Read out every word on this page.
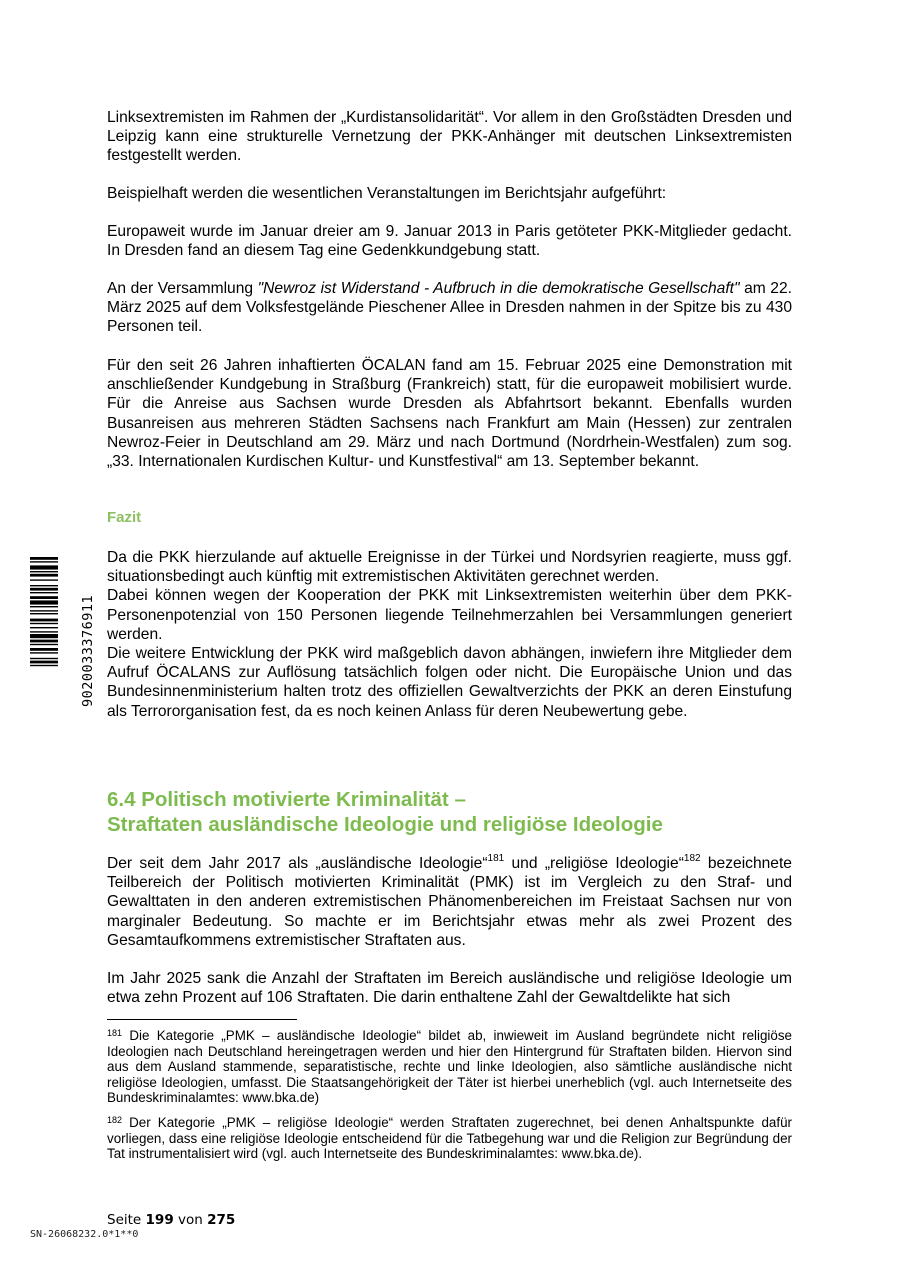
9020033376911

Linksextremisten im Rahmen der „Kurdistansolidarität“. Vor allem in den Großstädten Dresden und Leipzig kann eine strukturelle Vernetzung der PKK-Anhänger mit deutschen Linksextremisten festgestellt werden.

Beispielhaft werden die wesentlichen Veranstaltungen im Berichtsjahr aufgeführt:

Europaweit wurde im Januar dreier am 9. Januar 2013 in Paris getöteter PKK-Mitglieder gedacht. In Dresden fand an diesem Tag eine Gedenkkundgebung statt.

An der Versammlung "Newroz ist Widerstand - Aufbruch in die demokratische Gesellschaft" am 22. März 2025 auf dem Volksfestgelände Pieschener Allee in Dresden nahmen in der Spitze bis zu 430 Personen teil.

Für den seit 26 Jahren inhaftierten ÖCALAN fand am 15. Februar 2025 eine Demonstration mit anschließender Kundgebung in Straßburg (Frankreich) statt, für die europaweit mobilisiert wurde. Für die Anreise aus Sachsen wurde Dresden als Abfahrtsort bekannt. Ebenfalls wurden Busanreisen aus mehreren Städten Sachsens nach Frankfurt am Main (Hessen) zur zentralen Newroz-Feier in Deutschland am 29. März und nach Dortmund (Nordrhein-Westfalen) zum sog. „33. Internationalen Kurdischen Kultur- und Kunstfestival“ am 13. September bekannt.

Fazit

Da die PKK hierzulande auf aktuelle Ereignisse in der Türkei und Nordsyrien reagierte, muss ggf. situationsbedingt auch künftig mit extremistischen Aktivitäten gerechnet werden.

Dabei können wegen der Kooperation der PKK mit Linksextremisten weiterhin über dem PKK-Personenpotenzial von 150 Personen liegende Teilnehmerzahlen bei Versammlungen generiert werden.

Die weitere Entwicklung der PKK wird maßgeblich davon abhängen, inwiefern ihre Mitglieder dem Aufruf ÖCALANS zur Auflösung tatsächlich folgen oder nicht. Die Europäische Union und das Bundesinnenministerium halten trotz des offiziellen Gewaltverzichts der PKK an deren Einstufung als Terrororganisation fest, da es noch keinen Anlass für deren Neubewertung gebe.

6.4 Politisch motivierte Kriminalität –
Straftaten ausländische Ideologie und religiöse Ideologie

Der seit dem Jahr 2017 als „ausländische Ideologie“$^{181}$ und „religiöse Ideologie“$^{182}$ bezeichnete Teilbereich der Politisch motivierten Kriminalität (PMK) ist im Vergleich zu den Straf- und Gewalttaten in den anderen extremistischen Phänomenbereichen im Freistaat Sachsen nur von marginaler Bedeutung. So machte er im Berichtsjahr etwas mehr als zwei Prozent des Gesamtaufkommens extremistischer Straftaten aus.

Im Jahr 2025 sank die Anzahl der Straftaten im Bereich ausländische und religiöse Ideologie um etwa zehn Prozent auf 106 Straftaten. Die darin enthaltene Zahl der Gewaltdelikte hat sich

$^{181}$ Die Kategorie „PMK – ausländische Ideologie“ bildet ab, inwieweit im Ausland begründete nicht religiöse Ideologien nach Deutschland hereingetragen werden und hier den Hintergrund für Straftaten bilden. Hiervon sind aus dem Ausland stammende, separatistische, rechte und linke Ideologien, also sämtliche ausländische nicht religiöse Ideologien, umfasst. Die Staatsangehörigkeit der Täter ist hierbei unerheblich (vgl. auch Internetseite des Bundeskriminalamtes: www.bka.de)
$^{182}$ Der Kategorie „PMK – religiöse Ideologie“ werden Straftaten zugerechnet, bei denen Anhaltspunkte dafür vorliegen, dass eine religiöse Ideologie entscheidend für die Tatbegehung war und die Religion zur Begründung der Tat instrumentalisiert wird (vgl. auch Internetseite des Bundeskriminalamtes: www.bka.de).
Seite 199 von 275
SN-26068232.0*1**0
